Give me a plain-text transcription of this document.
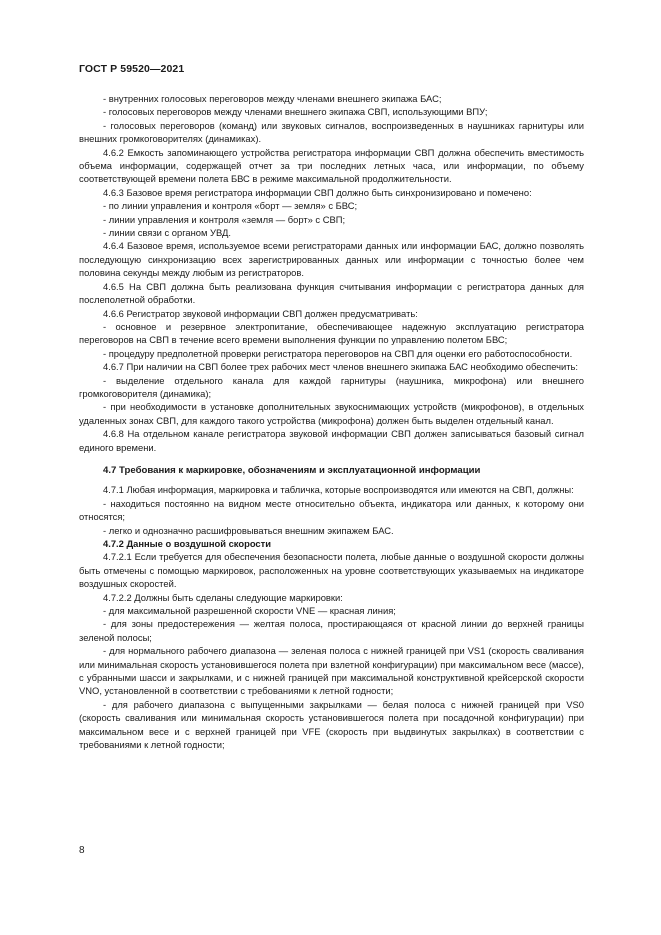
ГОСТ Р 59520—2021

- внутренних голосовых переговоров между членами внешнего экипажа БАС;

- голосовых переговоров между членами внешнего экипажа СВП, использующими ВПУ;

- голосовых переговоров (команд) или звуковых сигналов, воспроизведенных в наушниках гарнитуры или внешних громкоговорителях (динамиках).

4.6.2 Емкость запоминающего устройства регистратора информации СВП должна обеспечить вместимость объема информации, содержащей отчет за три последних летных часа, или информации, по объему соответствующей времени полета БВС в режиме максимальной продолжительности.

4.6.3 Базовое время регистратора информации СВП должно быть синхронизировано и помечено:

- по линии управления и контроля «борт — земля» с БВС;

- линии управления и контроля «земля — борт» с СВП;

- линии связи с органом УВД.

4.6.4 Базовое время, используемое всеми регистраторами данных или информации БАС, должно позволять последующую синхронизацию всех зарегистрированных данных или информации с точностью более чем половина секунды между любым из регистраторов.

4.6.5 На СВП должна быть реализована функция считывания информации с регистратора данных для послеполетной обработки.

4.6.6 Регистратор звуковой информации СВП должен предусматривать:

- основное и резервное электропитание, обеспечивающее надежную эксплуатацию регистратора переговоров на СВП в течение всего времени выполнения функции по управлению полетом БВС;

- процедуру предполетной проверки регистратора переговоров на СВП для оценки его работоспособности.

4.6.7 При наличии на СВП более трех рабочих мест членов внешнего экипажа БАС необходимо обеспечить:

- выделение отдельного канала для каждой гарнитуры (наушника, микрофона) или внешнего громкоговорителя (динамика);

- при необходимости в установке дополнительных звукоснимающих устройств (микрофонов), в отдельных удаленных зонах СВП, для каждого такого устройства (микрофона) должен быть выделен отдельный канал.

4.6.8 На отдельном канале регистратора звуковой информации СВП должен записываться базовый сигнал единого времени.

4.7 Требования к маркировке, обозначениям и эксплуатационной информации

4.7.1 Любая информация, маркировка и табличка, которые воспроизводятся или имеются на СВП, должны:

- находиться постоянно на видном месте относительно объекта, индикатора или данных, к которому они относятся;

- легко и однозначно расшифровываться внешним экипажем БАС.

4.7.2 Данные о воздушной скорости

4.7.2.1 Если требуется для обеспечения безопасности полета, любые данные о воздушной скорости должны быть отмечены с помощью маркировок, расположенных на уровне соответствующих указываемых на индикаторе воздушных скоростей.

4.7.2.2 Должны быть сделаны следующие маркировки:

- для максимальной разрешенной скорости VNE — красная линия;

- для зоны предостережения — желтая полоса, простирающаяся от красной линии до верхней границы зеленой полосы;

- для нормального рабочего диапазона — зеленая полоса с нижней границей при VS1 (скорость сваливания или минимальная скорость установившегося полета при взлетной конфигурации) при максимальном весе (массе), с убранными шасси и закрылками, и с нижней границей при максимальной конструктивной крейсерской скорости VNO, установленной в соответствии с требованиями к летной годности;

- для рабочего диапазона с выпущенными закрылками — белая полоса с нижней границей при VS0 (скорость сваливания или минимальная скорость установившегося полета при посадочной конфигурации) при максимальном весе и с верхней границей при VFE (скорость при выдвинутых закрылках) в соответствии с требованиями к летной годности;

8
